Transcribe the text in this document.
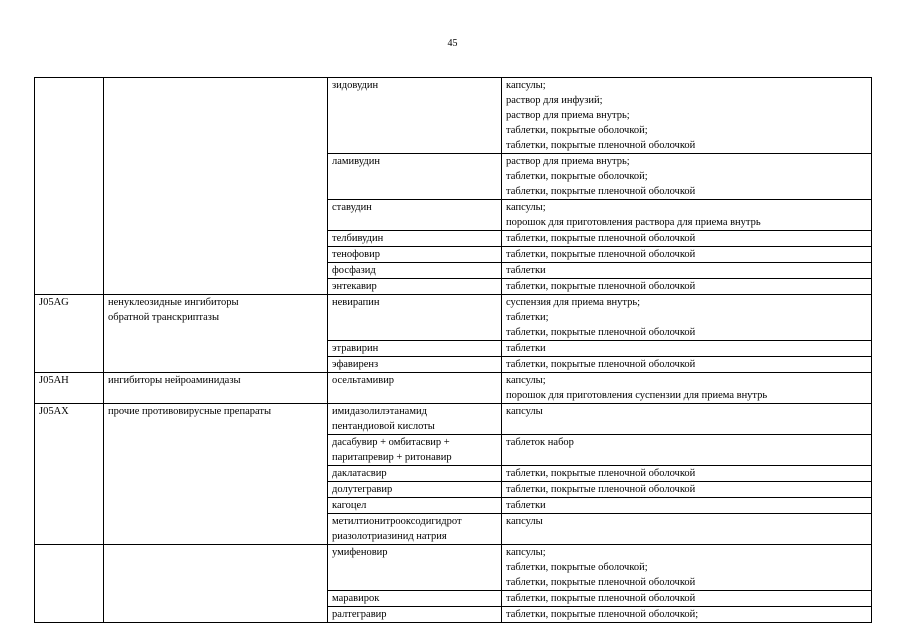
45

		зидовудин	капсулы;
раствор для инфузий;
раствор для приема внутрь;
таблетки, покрытые оболочкой;
таблетки, покрытые пленочной оболочкой

		ламивудин	раствор для приема внутрь;
таблетки, покрытые оболочкой;
таблетки, покрытые пленочной оболочкой

		ставудин	капсулы;
порошок для приготовления раствора для приема внутрь

		телбивудин	таблетки, покрытые пленочной оболочкой

		тенофовир	таблетки, покрытые пленочной оболочкой

		фосфазид	таблетки

		энтекавир	таблетки, покрытые пленочной оболочкой

J05AG	ненуклеозидные ингибиторы
обратной транскриптазы	невирапин	суспензия для приема внутрь;
таблетки;
таблетки, покрытые пленочной оболочкой

		этравирин	таблетки

		эфавиренз	таблетки, покрытые пленочной оболочкой

J05AH	ингибиторы нейроаминидазы	осельтамивир	капсулы;
порошок для приготовления суспензии для приема внутрь

J05AX	прочие противовирусные препараты	имидазолилэтанамид
пентандиовой кислоты	капсулы

		дасабувир + омбитасвир +
паритапревир + ритонавир	таблеток набор

		даклатасвир	таблетки, покрытые пленочной оболочкой

		долутегравир	таблетки, покрытые пленочной оболочкой

		кагоцел	таблетки

		метилтионитрооксодигидрот
риазолотриазинид натрия	капсулы

		умифеновир	капсулы;
таблетки, покрытые оболочкой;
таблетки, покрытые пленочной оболочкой

		маравирок	таблетки, покрытые пленочной оболочкой

		ралтегравир	таблетки, покрытые пленочной оболочкой;
